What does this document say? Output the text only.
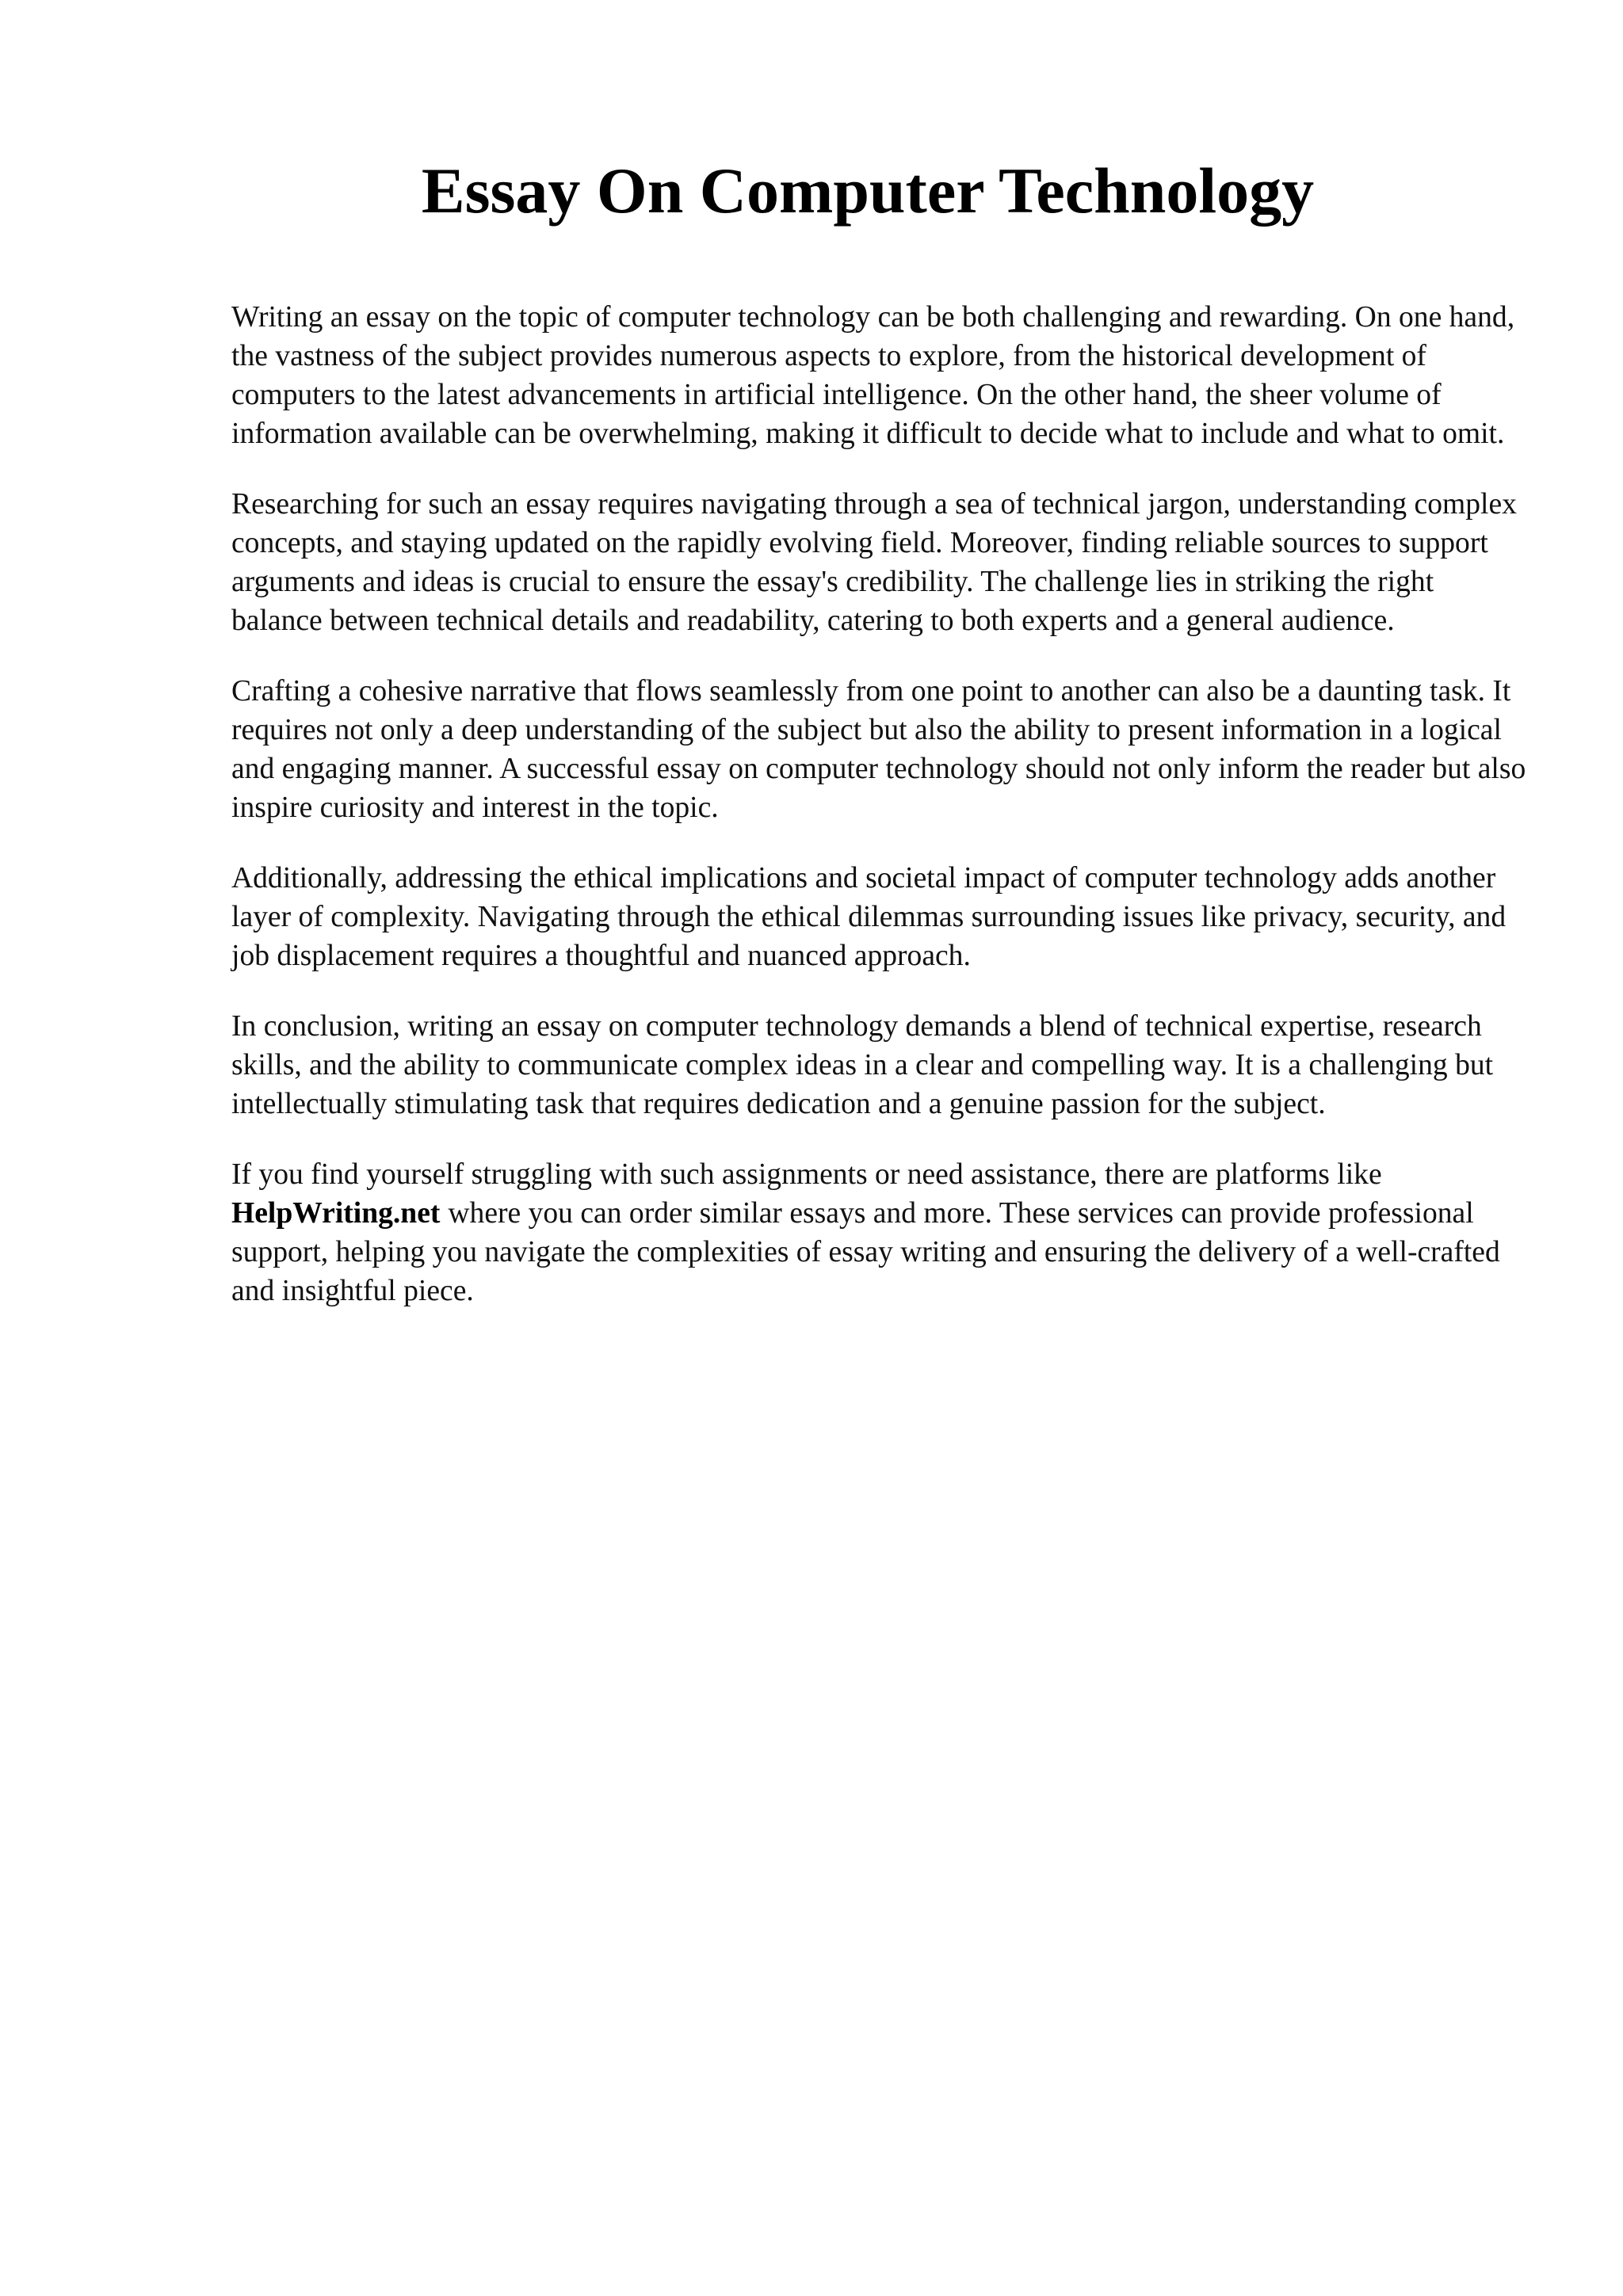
Essay On Computer Technology

Writing an essay on the topic of computer technology can be both challenging and rewarding. On one hand, the vastness of the subject provides numerous aspects to explore, from the historical development of computers to the latest advancements in artificial intelligence. On the other hand, the sheer volume of information available can be overwhelming, making it difficult to decide what to include and what to omit.

Researching for such an essay requires navigating through a sea of technical jargon, understanding complex concepts, and staying updated on the rapidly evolving field. Moreover, finding reliable sources to support arguments and ideas is crucial to ensure the essay's credibility. The challenge lies in striking the right balance between technical details and readability, catering to both experts and a general audience.

Crafting a cohesive narrative that flows seamlessly from one point to another can also be a daunting task. It requires not only a deep understanding of the subject but also the ability to present information in a logical and engaging manner. A successful essay on computer technology should not only inform the reader but also inspire curiosity and interest in the topic.

Additionally, addressing the ethical implications and societal impact of computer technology adds another layer of complexity. Navigating through the ethical dilemmas surrounding issues like privacy, security, and job displacement requires a thoughtful and nuanced approach.

In conclusion, writing an essay on computer technology demands a blend of technical expertise, research skills, and the ability to communicate complex ideas in a clear and compelling way. It is a challenging but intellectually stimulating task that requires dedication and a genuine passion for the subject.

If you find yourself struggling with such assignments or need assistance, there are platforms like HelpWriting.net where you can order similar essays and more. These services can provide professional support, helping you navigate the complexities of essay writing and ensuring the delivery of a well-crafted and insightful piece.
